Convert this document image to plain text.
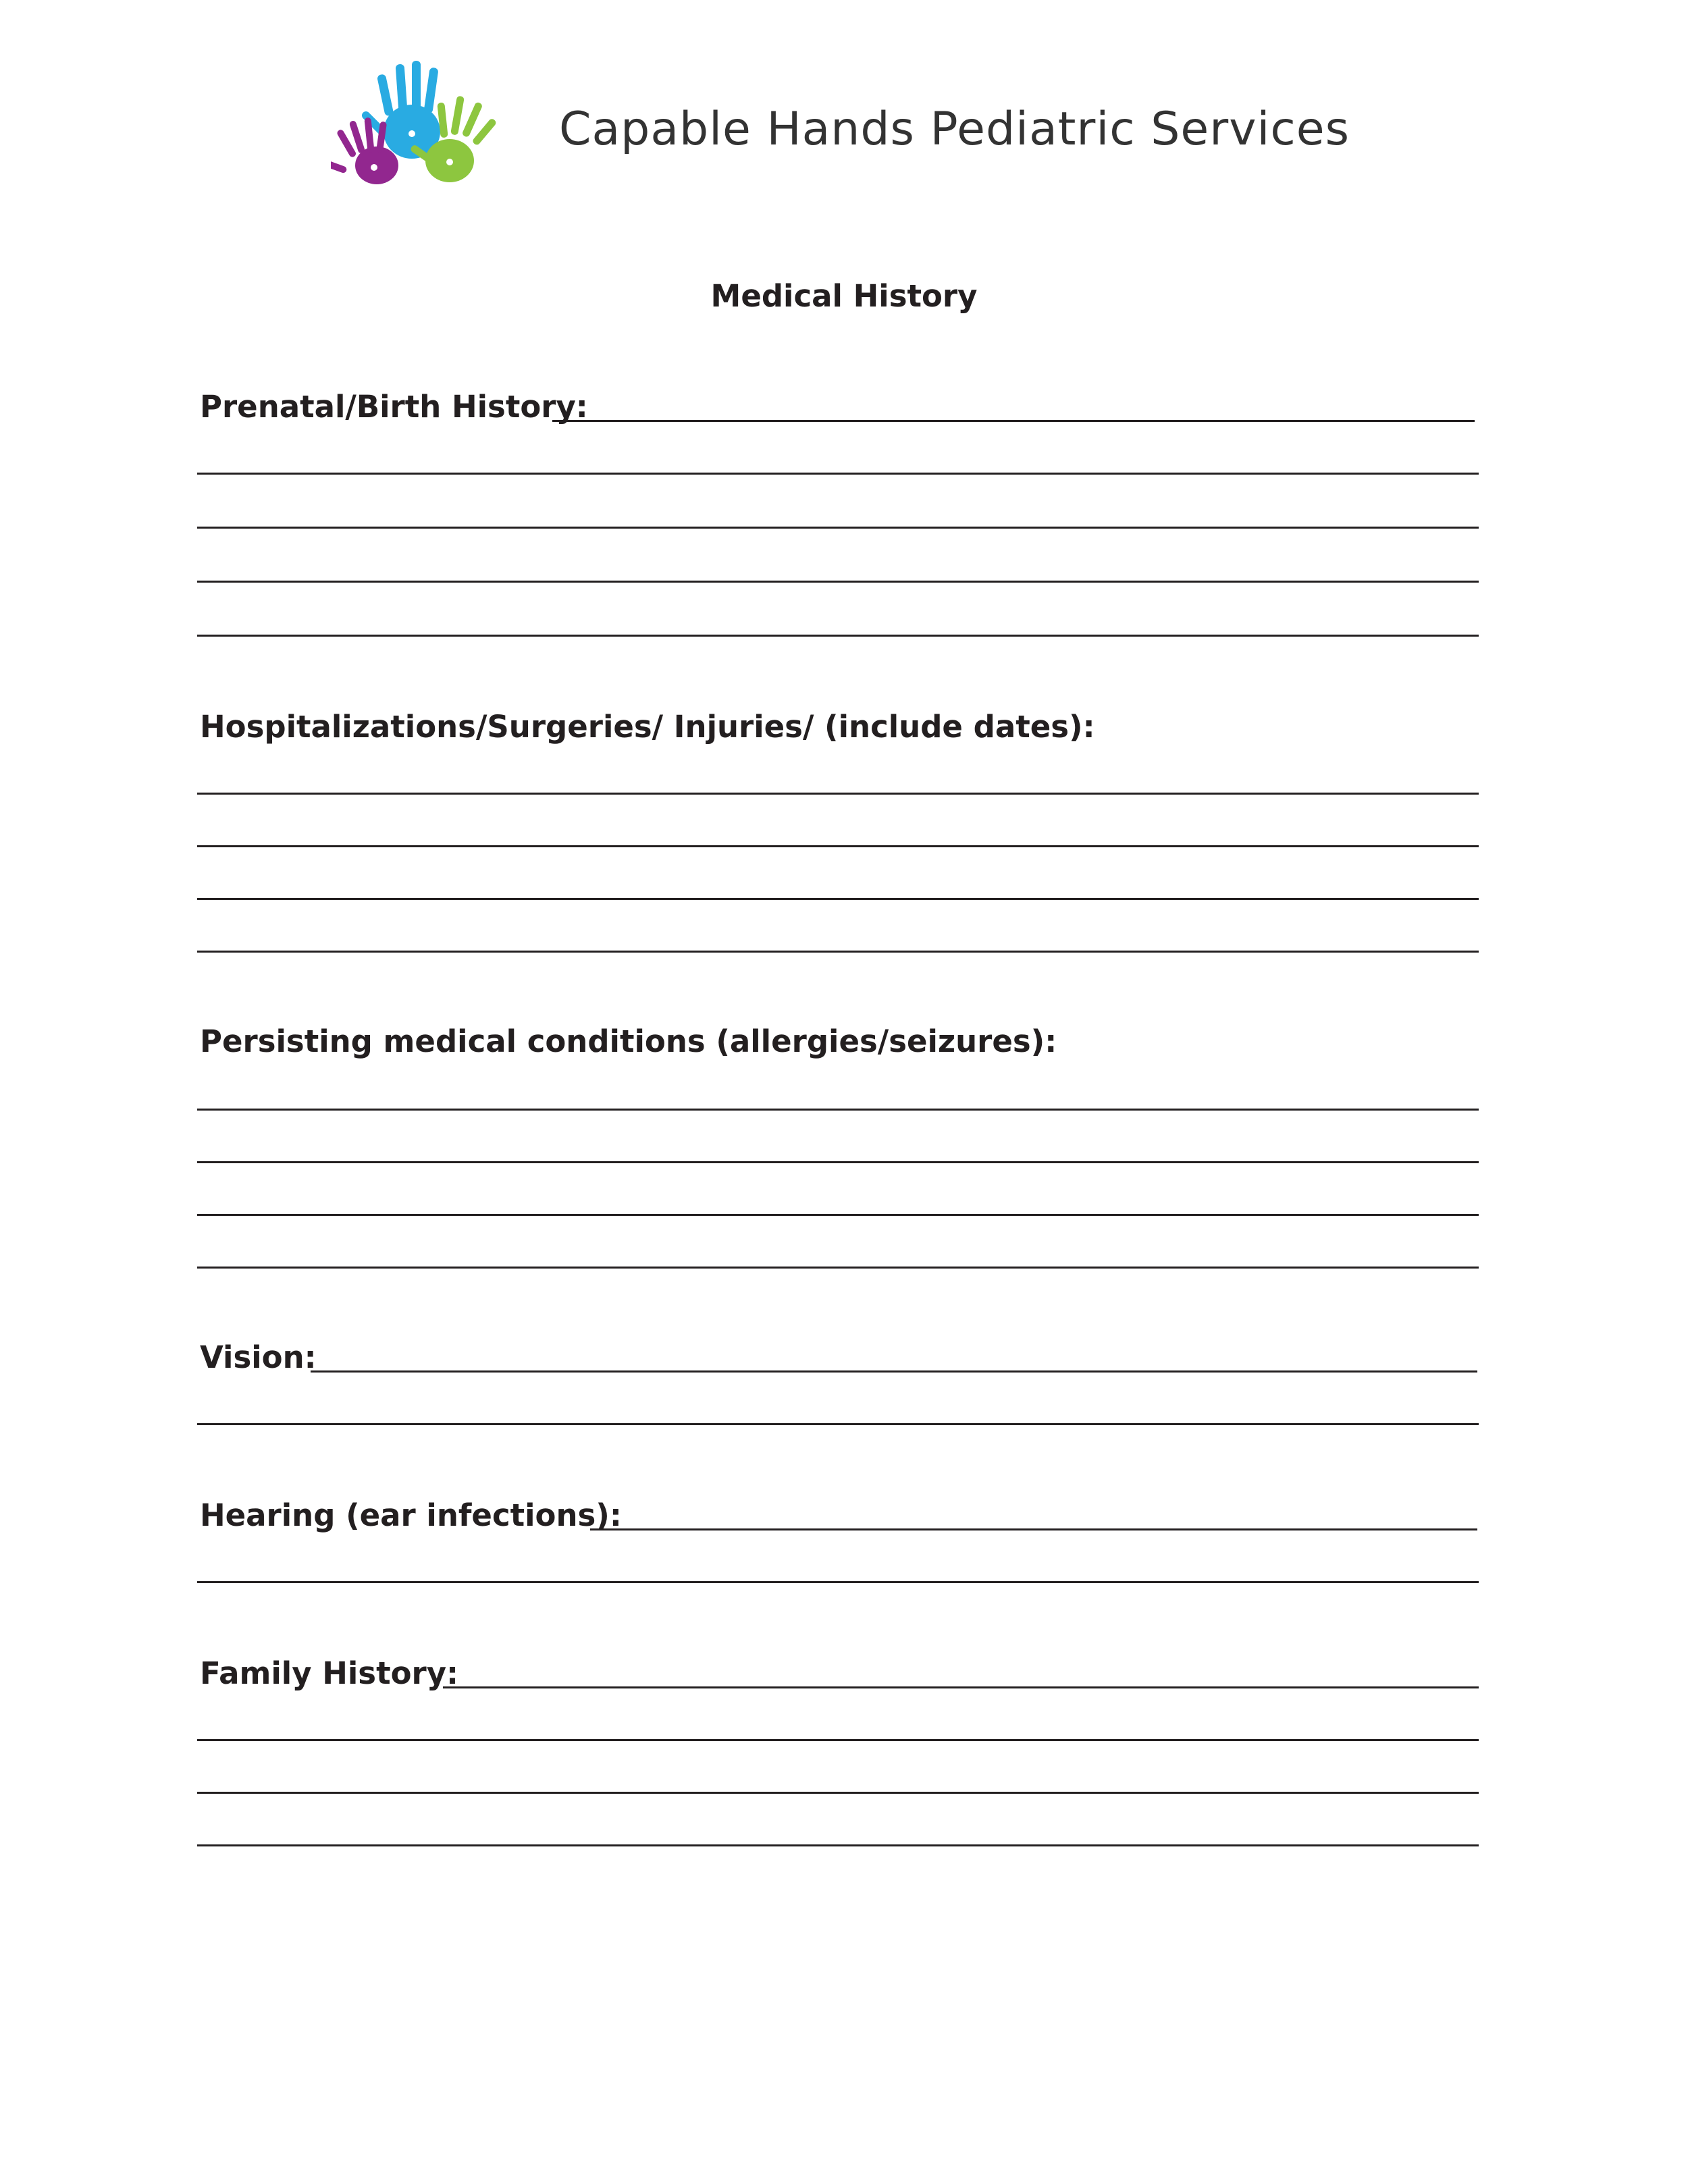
Capable Hands Pediatric Services
Medical History
Prenatal/Birth History:
Hospitalizations/Surgeries/ Injuries/ (include dates):
Persisting medical conditions (allergies/seizures):
Vision:
Hearing (ear infections):
Family History:
